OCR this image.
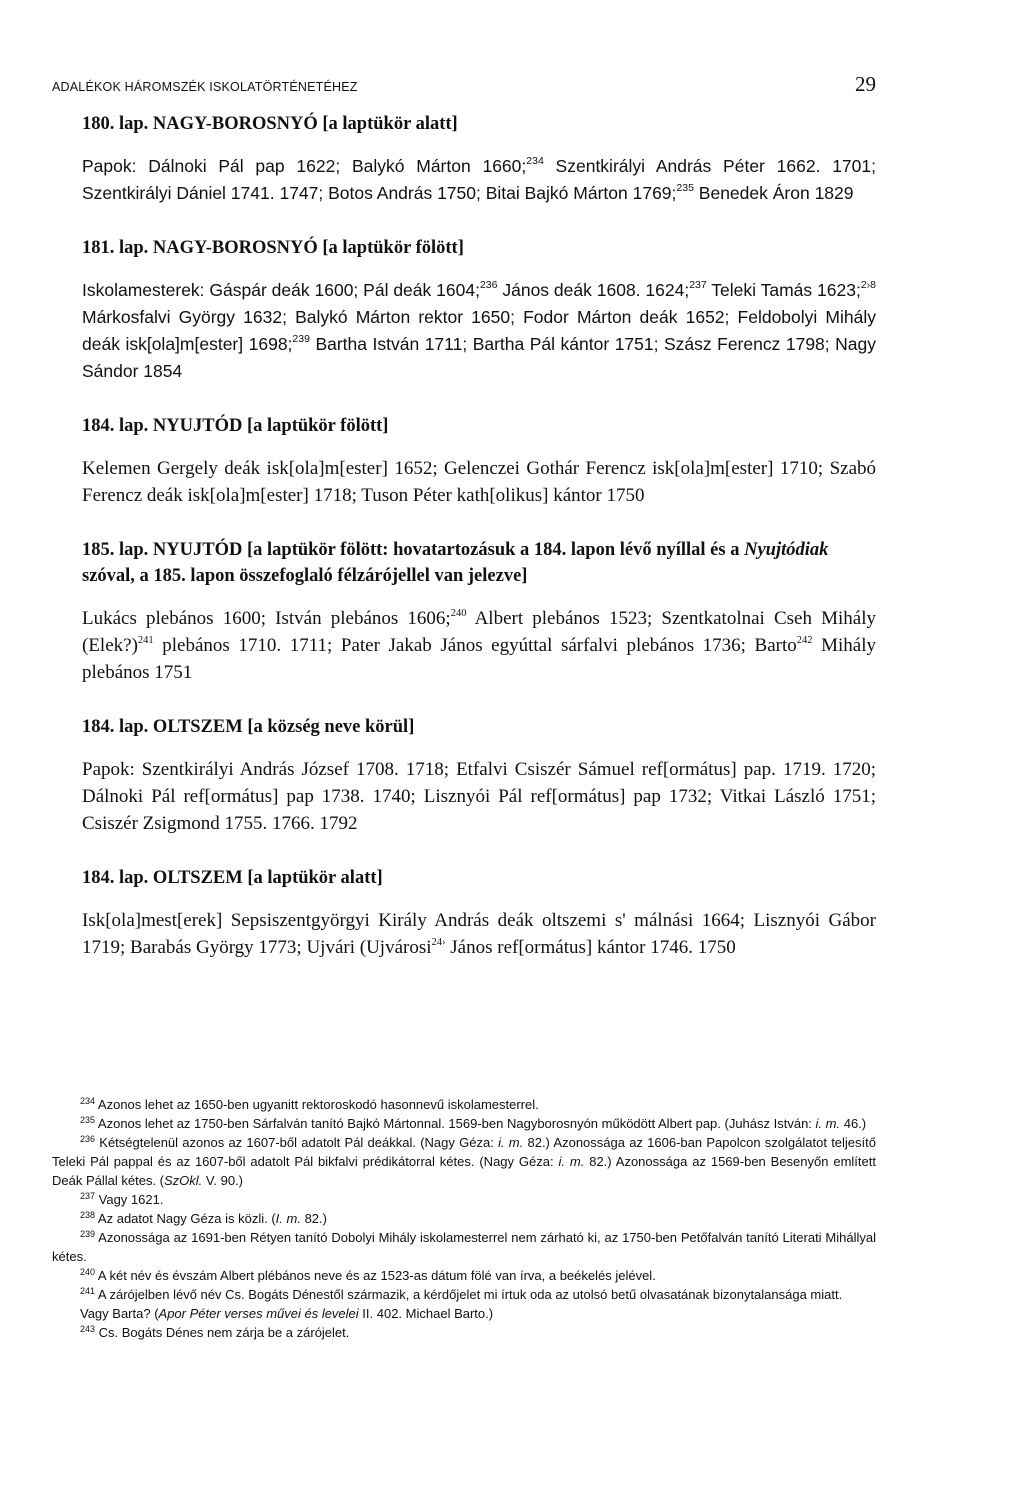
ADALÉKOK HÁROMSZÉK ISKOLATÖRTÉNETÉHEZ	29
180. lap. NAGY-BOROSNYÓ [a laptükör alatt]
Papok: Dálnoki Pál pap 1622; Balykó Márton 1660;$^{234}$ Szentkirályi András Péter 1662. 1701; Szentkirályi Dániel 1741. 1747; Botos András 1750; Bitai Bajkó Márton 1769;$^{235}$ Benedek Áron 1829
181. lap. NAGY-BOROSNYÓ [a laptükör fölött]
Iskolamesterek: Gáspár deák 1600; Pál deák 1604;$^{236}$ János deák 1608. 1624;$^{237}$ Teleki Tamás 1623;$^{2›8}$ Márkosfalvi György 1632; Balykó Márton rektor 1650; Fodor Márton deák 1652; Feldobolyi Mihály deák isk[ola]m[ester] 1698;$^{239}$ Bartha István 1711; Bartha Pál kántor 1751; Szász Ferencz 1798; Nagy Sándor 1854
184. lap. NYUJTÓD [a laptükör fölött]
Kelemen Gergely deák isk[ola]m[ester] 1652; Gelenczei Gothár Ferencz isk[ola]m[ester] 1710; Szabó Ferencz deák isk[ola]m[ester] 1718; Tuson Péter kath[olikus] kántor 1750
185. lap. NYUJTÓD [a laptükör fölött: hovatartozásuk a 184. lapon lévő nyíllal és a Nyujtódiak szóval, a 185. lapon összefoglaló félzárójellel van jelezve]
Lukács plebános 1600; István plebános 1606;$^{240}$ Albert plebános 1523; Szentkatolnai Cseh Mihály (Elek?)$^{241}$ plebános 1710. 1711; Pater Jakab János egyúttal sárfalvi plebános 1736; Barto$^{242}$ Mihály plebános 1751
184. lap. OLTSZEM [a község neve körül]
Papok: Szentkirályi András József 1708. 1718; Etfalvi Csiszér Sámuel ref[ormátus] pap. 1719. 1720; Dálnoki Pál ref[ormátus] pap 1738. 1740; Lisznyói Pál ref[ormátus] pap 1732; Vitkai László 1751; Csiszér Zsigmond 1755. 1766. 1792
184. lap. OLTSZEM [a laptükör alatt]
Isk[ola]mest[erek] Sepsiszentgyörgyi Király András deák oltszemi s' málnási 1664; Lisznyói Gábor 1719; Barabás György 1773; Ujvári (Ujvárosi$^{24›}$ János ref[ormátus] kántor 1746. 1750
$^{234}$ Azonos lehet az 1650-ben ugyanitt rektoroskodó hasonnevű iskolamesterrel.
$^{235}$ Azonos lehet az 1750-ben Sárfalván tanító Bajkó Mártonnal. 1569-ben Nagyborosnyón működött Albert pap. (Juhász István: i. m. 46.)
$^{236}$ Kétségtelenül azonos az 1607-ből adatolt Pál deákkal. (Nagy Géza: i. m. 82.) Azonossága az 1606-ban Papolcon szolgálatot teljesítő Teleki Pál pappal és az 1607-ből adatolt Pál bikfalvi prédikátorral kétes. (Nagy Géza: i. m. 82.) Azonossága az 1569-ben Besenyőn említett Deák Pállal kétes. (SzOkl. V. 90.)
$^{237}$ Vagy 1621.
$^{238}$ Az adatot Nagy Géza is közli. (I. m. 82.)
$^{239}$ Azonossága az 1691-ben Rétyen tanító Dobolyi Mihály iskolamesterrel nem zárható ki, az 1750-ben Petőfalván tanító Literati Mihállyal kétes.
$^{240}$ A két név és évszám Albert plébános neve és az 1523-as dátum fölé van írva, a beékelés jelével.
$^{241}$ A zárójelben lévő név Cs. Bogáts Dénestől származik, a kérdőjelet mi írtuk oda az utolsó betű olvasatának bizonytalansága miatt.
Vagy Barta? (Apor Péter verses művei és levelei II. 402. Michael Barto.)
$^{243}$ Cs. Bogáts Dénes nem zárja be a zárójelet.
